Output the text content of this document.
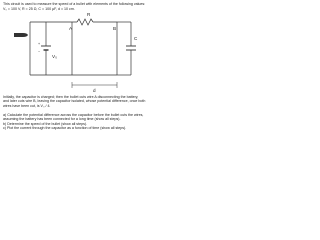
This circuit is used to measure the speed of a bullet with elements of the following values:
V₀ = 100 V, R = 25 Ω, C = 100 μF, d = 10 cm.
R
A	B
+
−
V₀
C
d
Initially, the capacitor is charged; then the bullet cuts wire A disconnecting the battery,
and later cuts wire B, leaving the capacitor isolated, whose potential difference, once both
wires have been cut, is V₀ / 4.
a) Calculate the potential difference across the capacitor before the bullet cuts the wires,
assuming the battery has been connected for a long time (show all steps).
b) Determine the speed of the bullet (show all steps).
c) Plot the current through the capacitor as a function of time (show all steps).
